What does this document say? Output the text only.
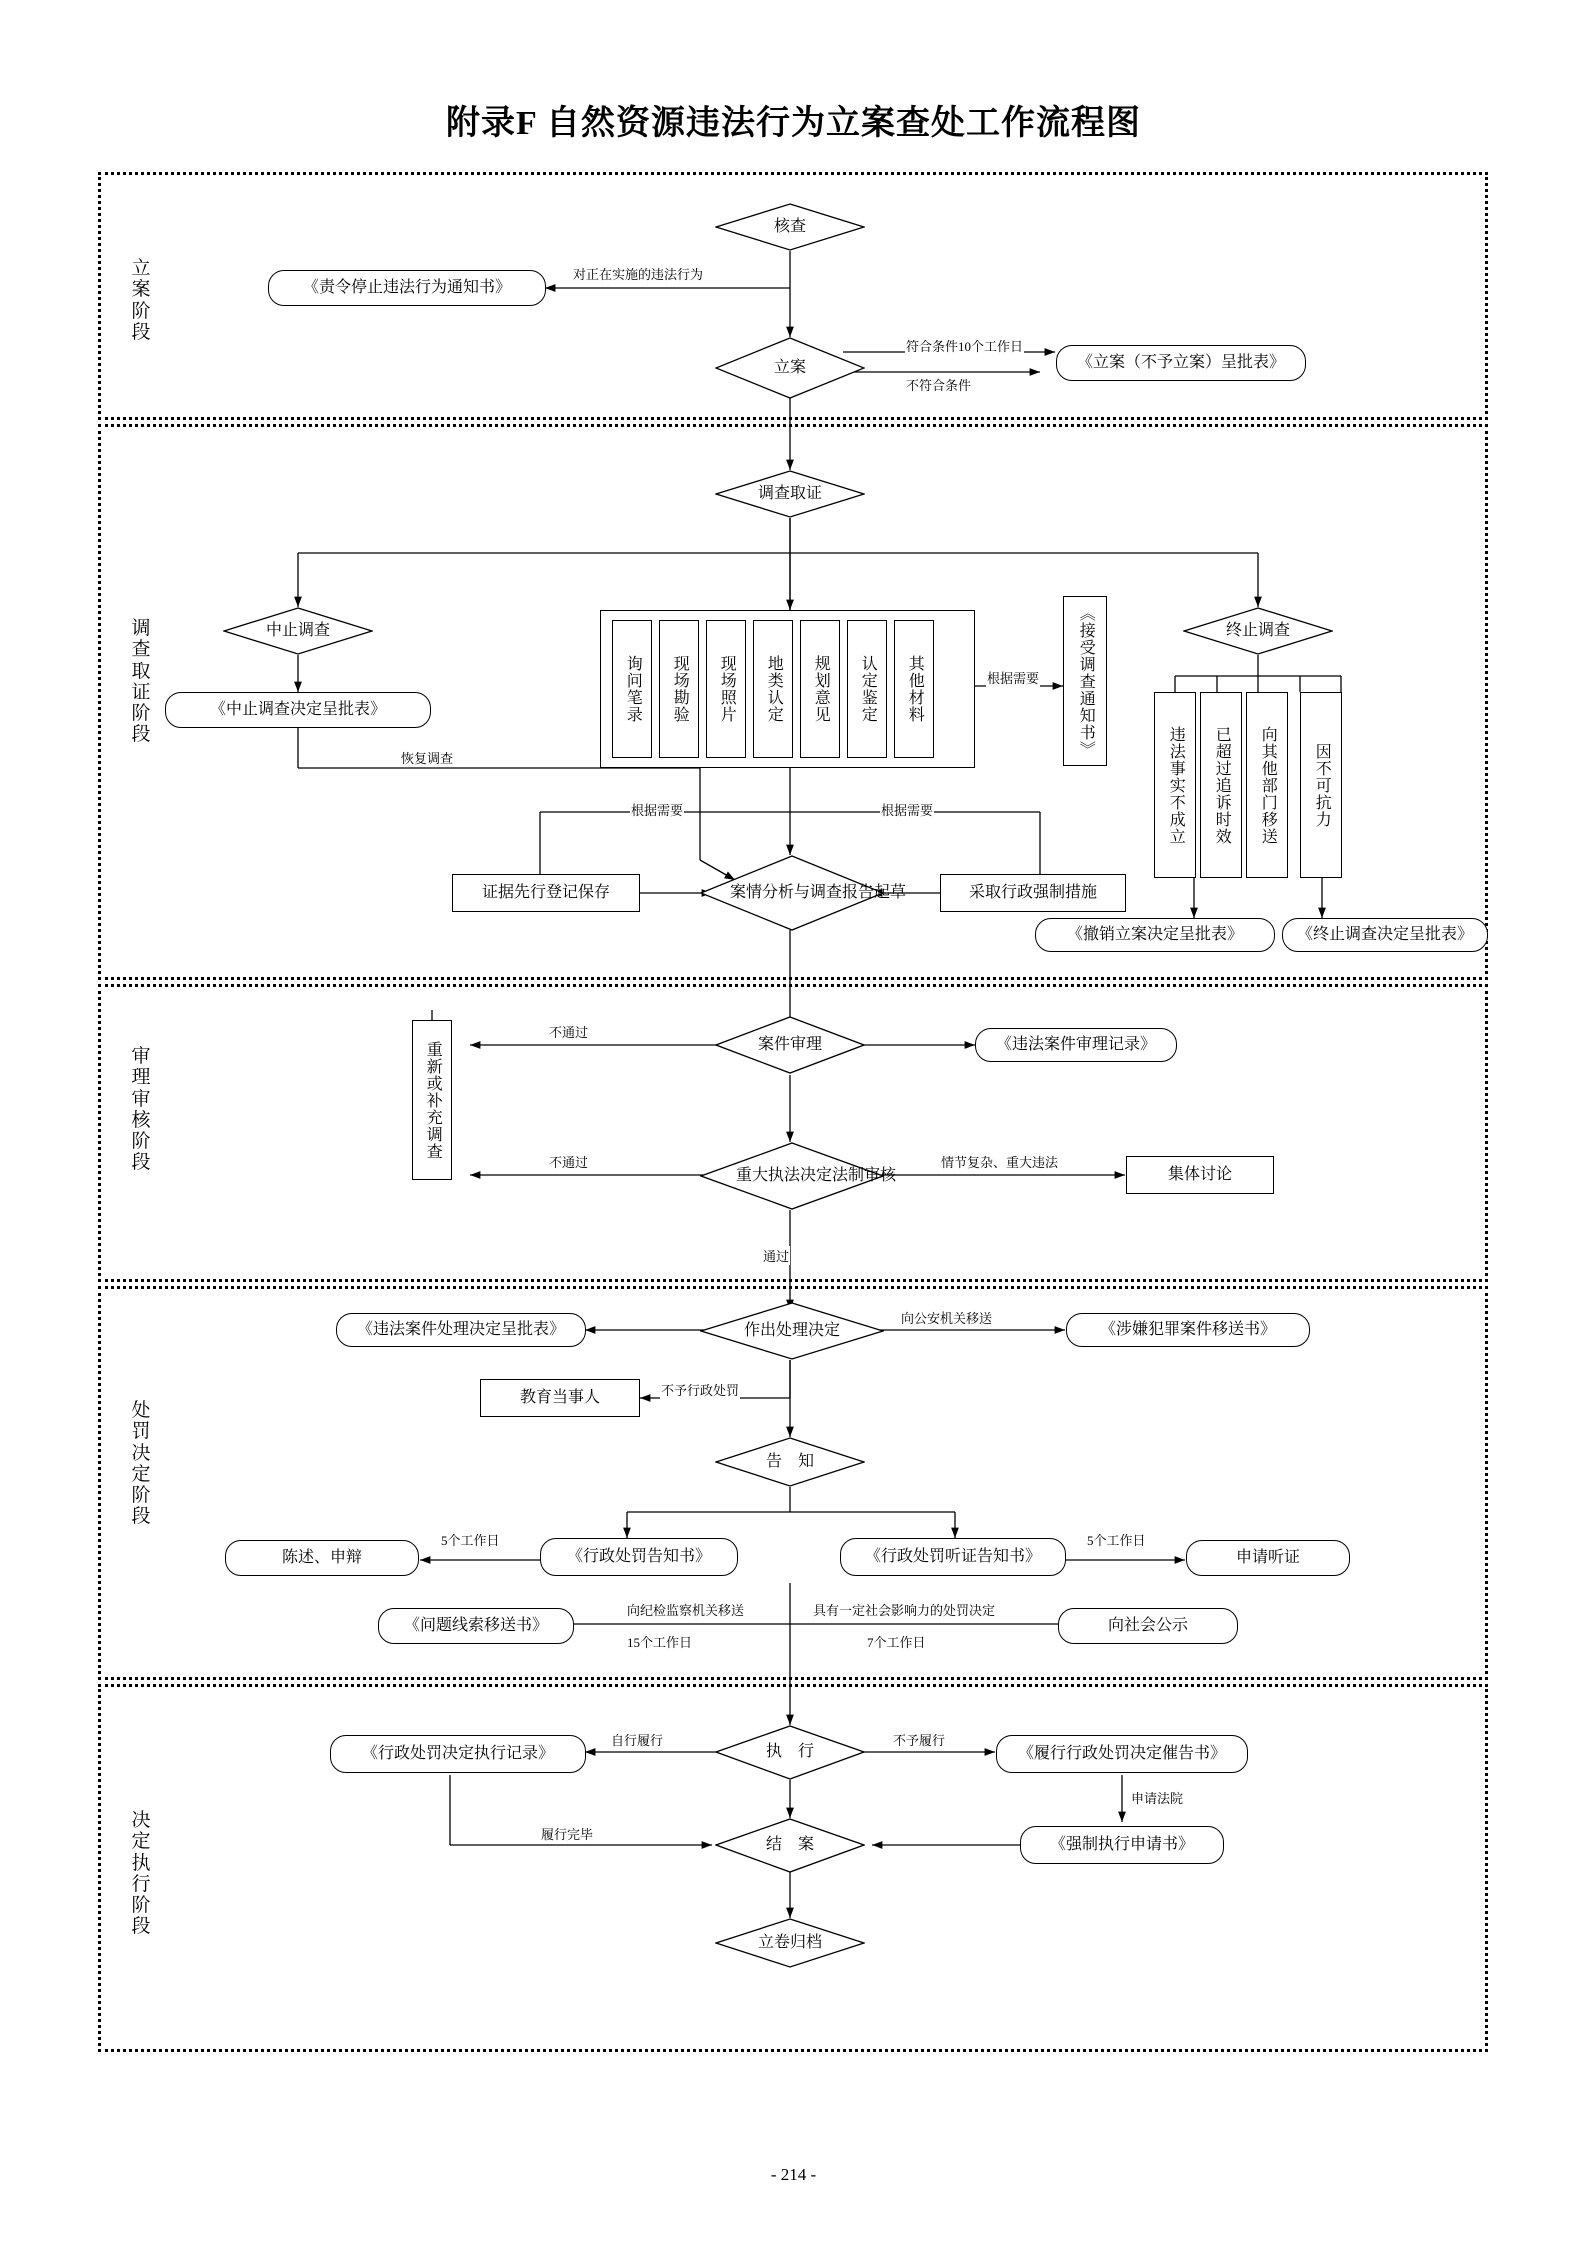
附录F 自然资源违法行为立案查处工作流程图
立案阶段
调查取证阶段
审理审核阶段
处罚决定阶段
决定执行阶段
核查
《责令停止违法行为通知书》
对正在实施的违法行为
立案
符合条件10个工作日
不符合条件
《立案（不予立案）呈批表》
调查取证
中止调查
《中止调查决定呈批表》
恢复调查
询问笔录 现场勘验 现场照片 地类认定 规划意见 认定鉴定 其他材料	根据需要 《接受调查通知书》	终止调查
违法事实不成立 已超过追诉时效 向其他部门移送 因不可抗力
根据需要	根据需要
证据先行登记保存	案情分析与调查报告起草	采取行政强制措施
《撤销立案决定呈批表》	《终止调查决定呈批表》
案件审理	《违法案件审理记录》
不通过
重新或补充调查
重大执法决定法制审核
不通过	情节复杂、重大违法
通过
集体讨论
作出处理决定
《违法案件处理决定呈批表》
向公安机关移送
《涉嫌犯罪案件移送书》
不予行政处罚
教育当事人
告　知
《行政处罚告知书》	《行政处罚听证告知书》
陈述、申辩	申请听证
5个工作日	5个工作日
《问题线索移送书》	向社会公示
向纪检监察机关移送
15个工作日
具有一定社会影响力的处罚决定
7个工作日
执　行
《行政处罚决定执行记录》	《履行行政处罚决定催告书》
自行履行	不予履行
申请法院
《强制执行申请书》
履行完毕
结　案
立卷归档
- 214 -
